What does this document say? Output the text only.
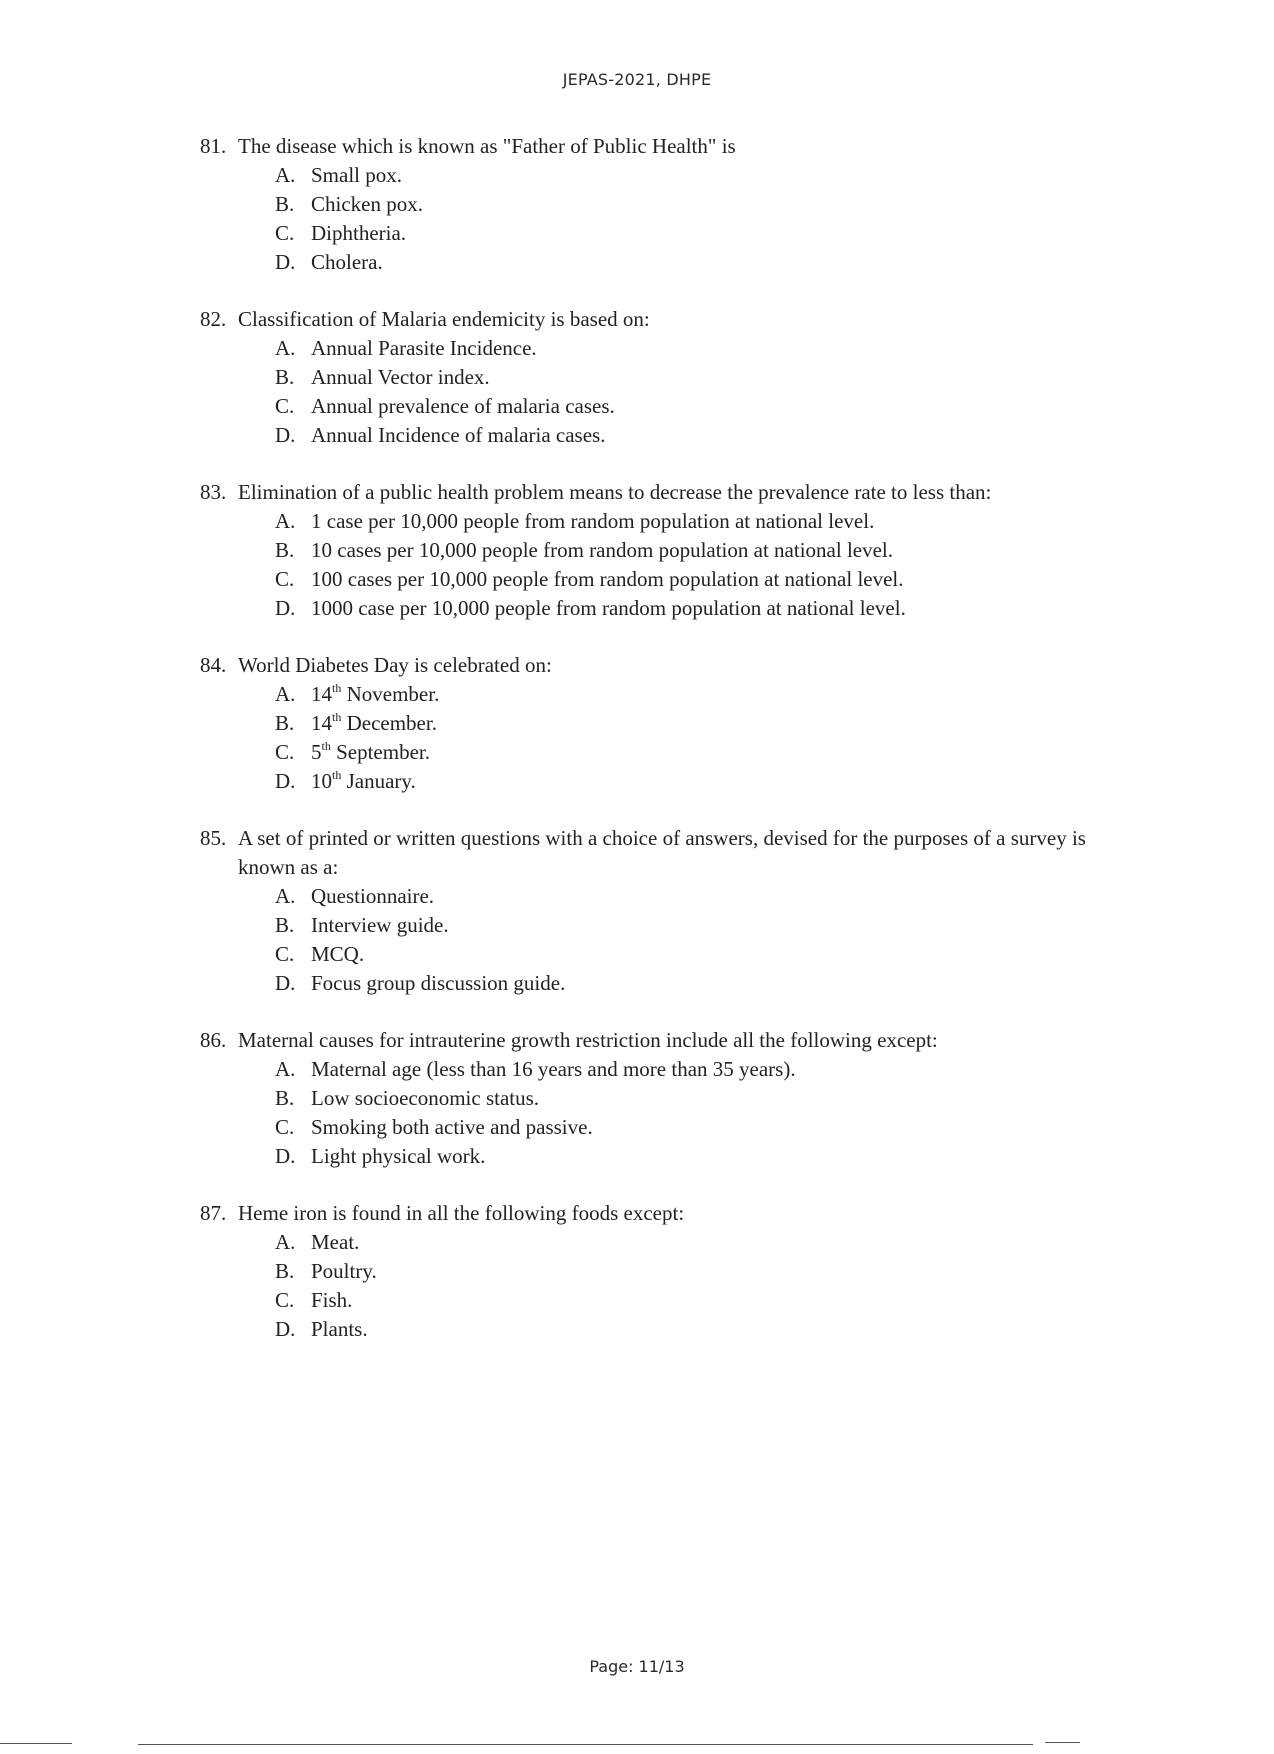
JEPAS-2021, DHPE
81. The disease which is known as "Father of Public Health" is
A. Small pox.
B. Chicken pox.
C. Diphtheria.
D. Cholera.
82. Classification of Malaria endemicity is based on:
A. Annual Parasite Incidence.
B. Annual Vector index.
C. Annual prevalence of malaria cases.
D. Annual Incidence of malaria cases.
83. Elimination of a public health problem means to decrease the prevalence rate to less than:
A. 1 case per 10,000 people from random population at national level.
B. 10 cases per 10,000 people from random population at national level.
C. 100 cases per 10,000 people from random population at national level.
D. 1000 case per 10,000 people from random population at national level.
84. World Diabetes Day is celebrated on:
A. 14th November.
B. 14th December.
C. 5th September.
D. 10th January.
85. A set of printed or written questions with a choice of answers, devised for the purposes of a survey is known as a:
A. Questionnaire.
B. Interview guide.
C. MCQ.
D. Focus group discussion guide.
86. Maternal causes for intrauterine growth restriction include all the following except:
A. Maternal age (less than 16 years and more than 35 years).
B. Low socioeconomic status.
C. Smoking both active and passive.
D. Light physical work.
87. Heme iron is found in all the following foods except:
A. Meat.
B. Poultry.
C. Fish.
D. Plants.
Page: 11/13
